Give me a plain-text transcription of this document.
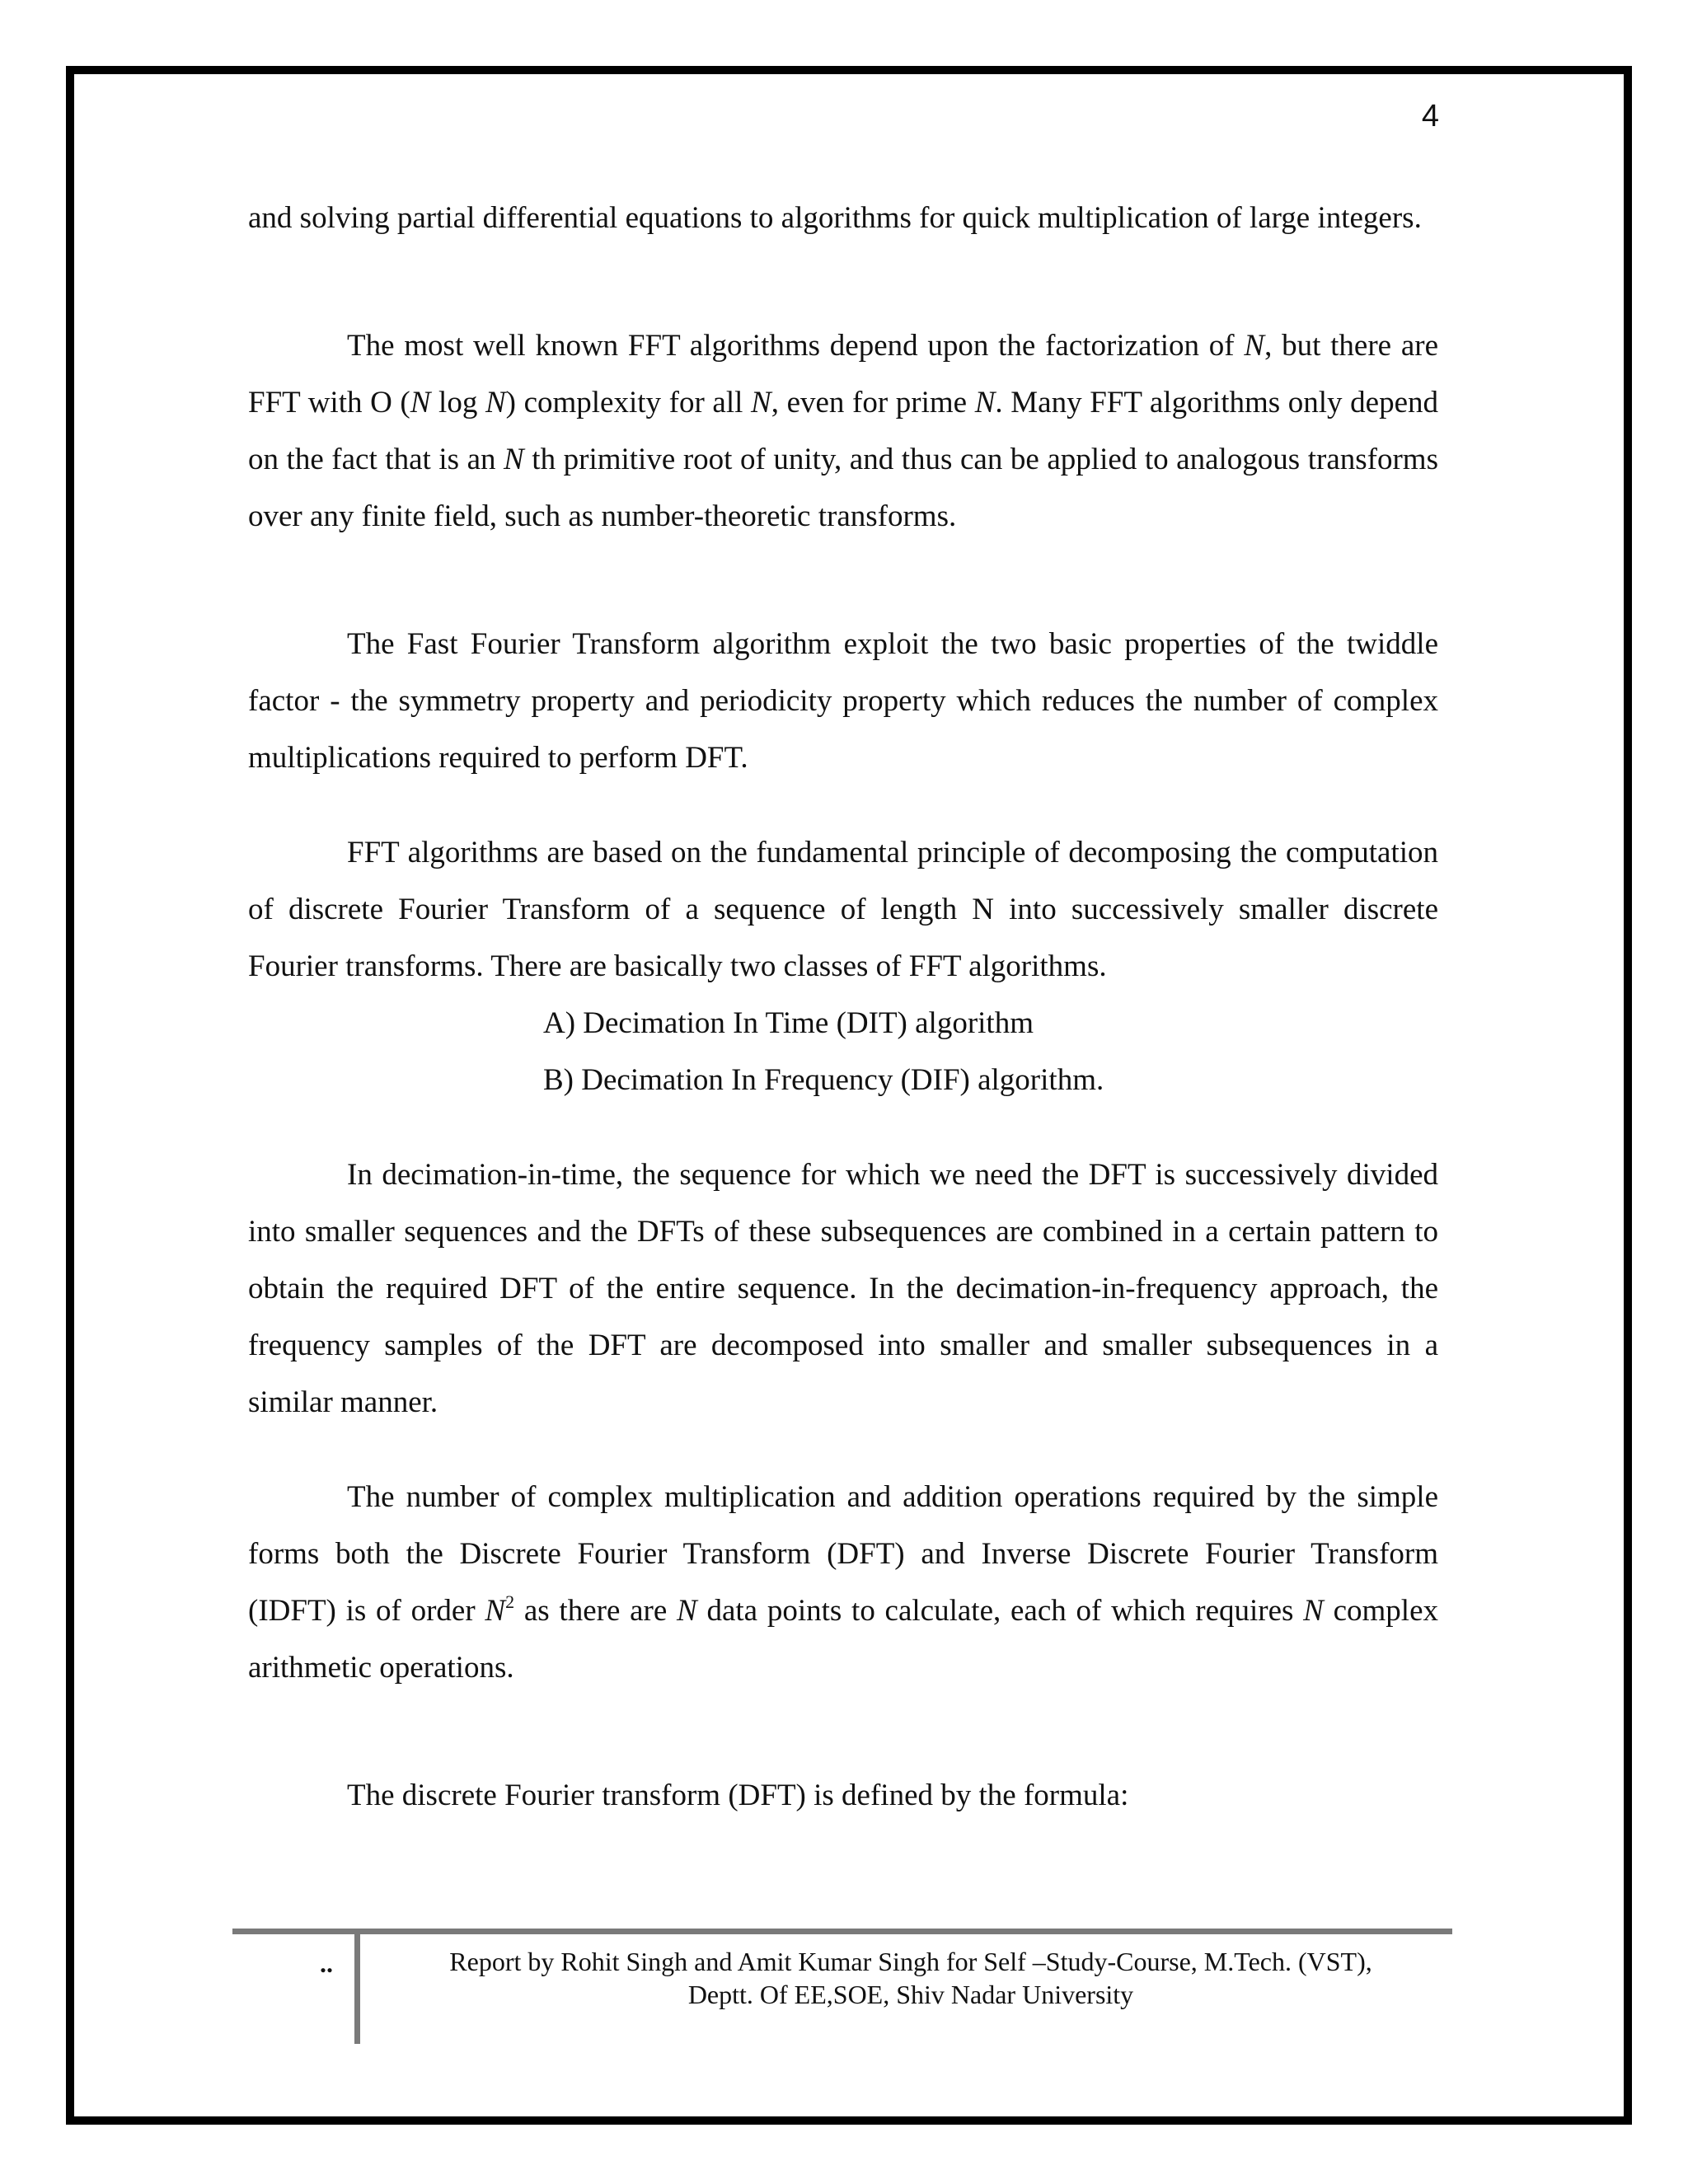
4

and solving partial differential equations to algorithms for quick multiplication of large integers.

The most well known FFT algorithms depend upon the factorization of N, but there are FFT with O (N log N) complexity for all N, even for prime N. Many FFT algorithms only depend on the fact that is an N th primitive root of unity, and thus can be applied to analogous transforms over any finite field, such as number-theoretic transforms.

The Fast Fourier Transform algorithm exploit the two basic properties of the twiddle factor - the symmetry property and periodicity property which reduces the number of complex multiplications required to perform DFT.

FFT algorithms are based on the fundamental principle of decomposing the computation of discrete Fourier Transform of a sequence of length N into successively smaller discrete Fourier transforms. There are basically two classes of FFT algorithms.

A) Decimation In Time (DIT) algorithm

B) Decimation In Frequency (DIF) algorithm.

In decimation-in-time, the sequence for which we need the DFT is successively divided into smaller sequences and the DFTs of these subsequences are combined in a certain pattern to obtain the required DFT of the entire sequence. In the decimation-in-frequency approach, the frequency samples of the DFT are decomposed into smaller and smaller subsequences in a similar manner.

The number of complex multiplication and addition operations required by the simple forms both the Discrete Fourier Transform (DFT) and Inverse Discrete Fourier Transform (IDFT) is of order $N^2$ as there are N data points to calculate, each of which requires N complex arithmetic operations.

The discrete Fourier transform (DFT) is defined by the formula:

..	Report by Rohit Singh and Amit Kumar Singh for Self –Study-Course, M.Tech. (VST),
Deptt. Of EE,SOE, Shiv Nadar University
